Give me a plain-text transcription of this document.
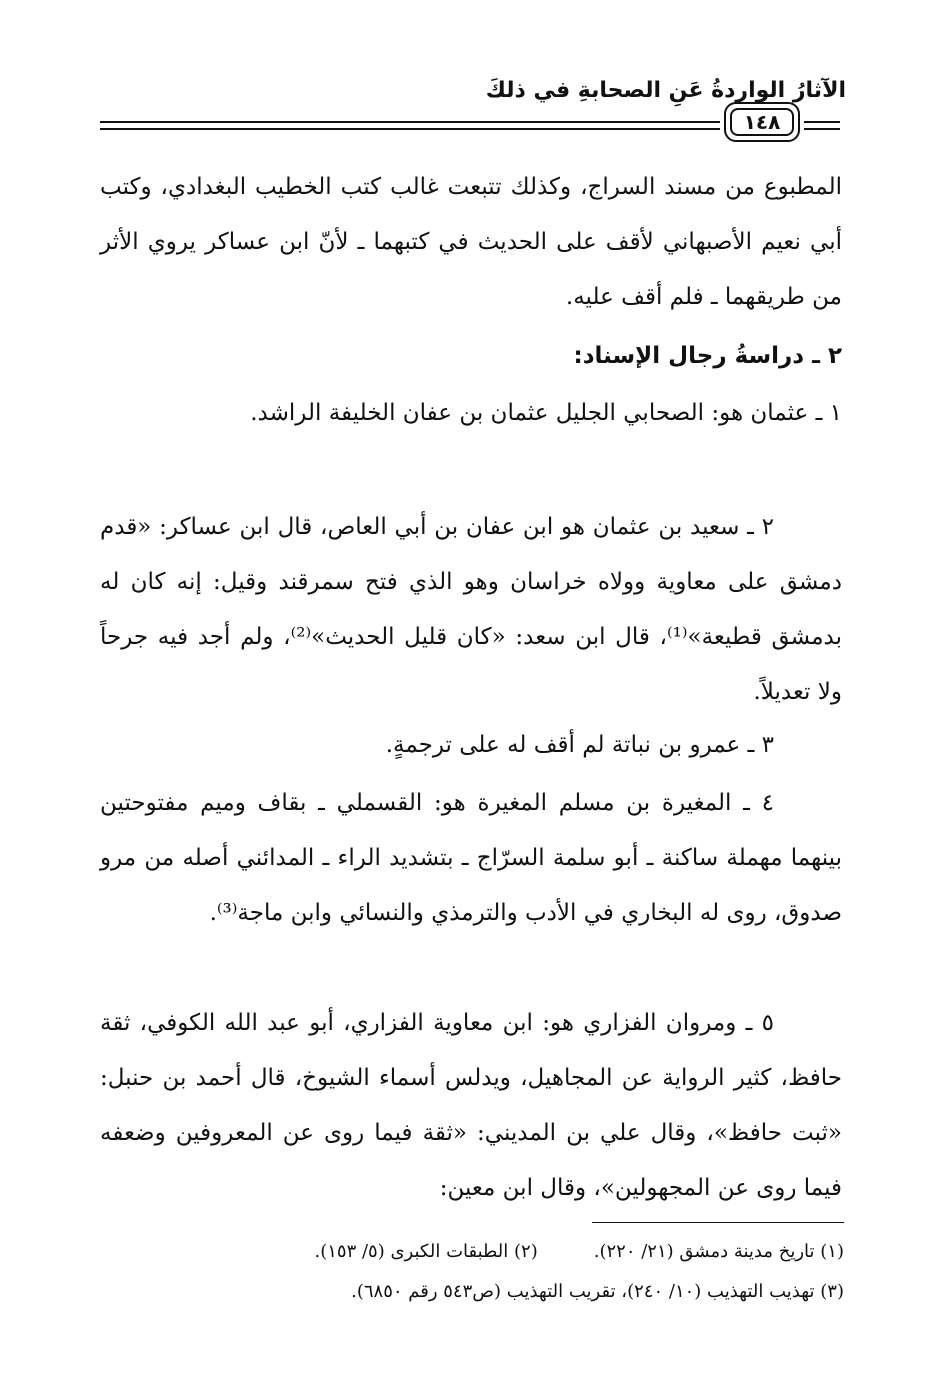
الآثارُ الواردةُ عَنِ الصحابةِ في ذلكَ
١٤٨

المطبوع من مسند السراج، وكذلك تتبعت غالب كتب الخطيب البغدادي، وكتب أبي نعيم الأصبهاني لأقف على الحديث في كتبهما ـ لأنّ ابن عساكر يروي الأثر من طريقهما ـ فلم أقف عليه.

٢ ـ دراسةُ رجال الإسناد:

١ ـ عثمان هو: الصحابي الجليل عثمان بن عفان الخليفة الراشد.

٢ ـ سعيد بن عثمان هو ابن عفان بن أبي العاص، قال ابن عساكر: «قدم دمشق على معاوية وولاه خراسان وهو الذي فتح سمرقند وقيل: إنه كان له بدمشق قطيعة»⁽¹⁾، قال ابن سعد: «كان قليل الحديث»⁽²⁾، ولم أجد فيه جرحاً ولا تعديلاً.

٣ ـ عمرو بن نباتة لم أقف له على ترجمةٍ.

٤ ـ المغيرة بن مسلم المغيرة هو: القسملي ـ بقاف وميم مفتوحتين بينهما مهملة ساكنة ـ أبو سلمة السرّاج ـ بتشديد الراء ـ المدائني أصله من مرو صدوق، روى له البخاري في الأدب والترمذي والنسائي وابن ماجة⁽³⁾.

٥ ـ ومروان الفزاري هو: ابن معاوية الفزاري، أبو عبد الله الكوفي، ثقة حافظ، كثير الرواية عن المجاهيل، ويدلس أسماء الشيوخ، قال أحمد بن حنبل: «ثبت حافظ»، وقال علي بن المديني: «ثقة فيما روى عن المعروفين وضعفه فيما روى عن المجهولين»، وقال ابن معين:

(١) تاريخ مدينة دمشق (٢١/ ٢٢٠).(٢) الطبقات الكبرى (٥/ ١٥٣).
(٣) تهذيب التهذيب (١٠/ ٢٤٠)، تقريب التهذيب (ص٥٤٣ رقم ٦٨٥٠).
